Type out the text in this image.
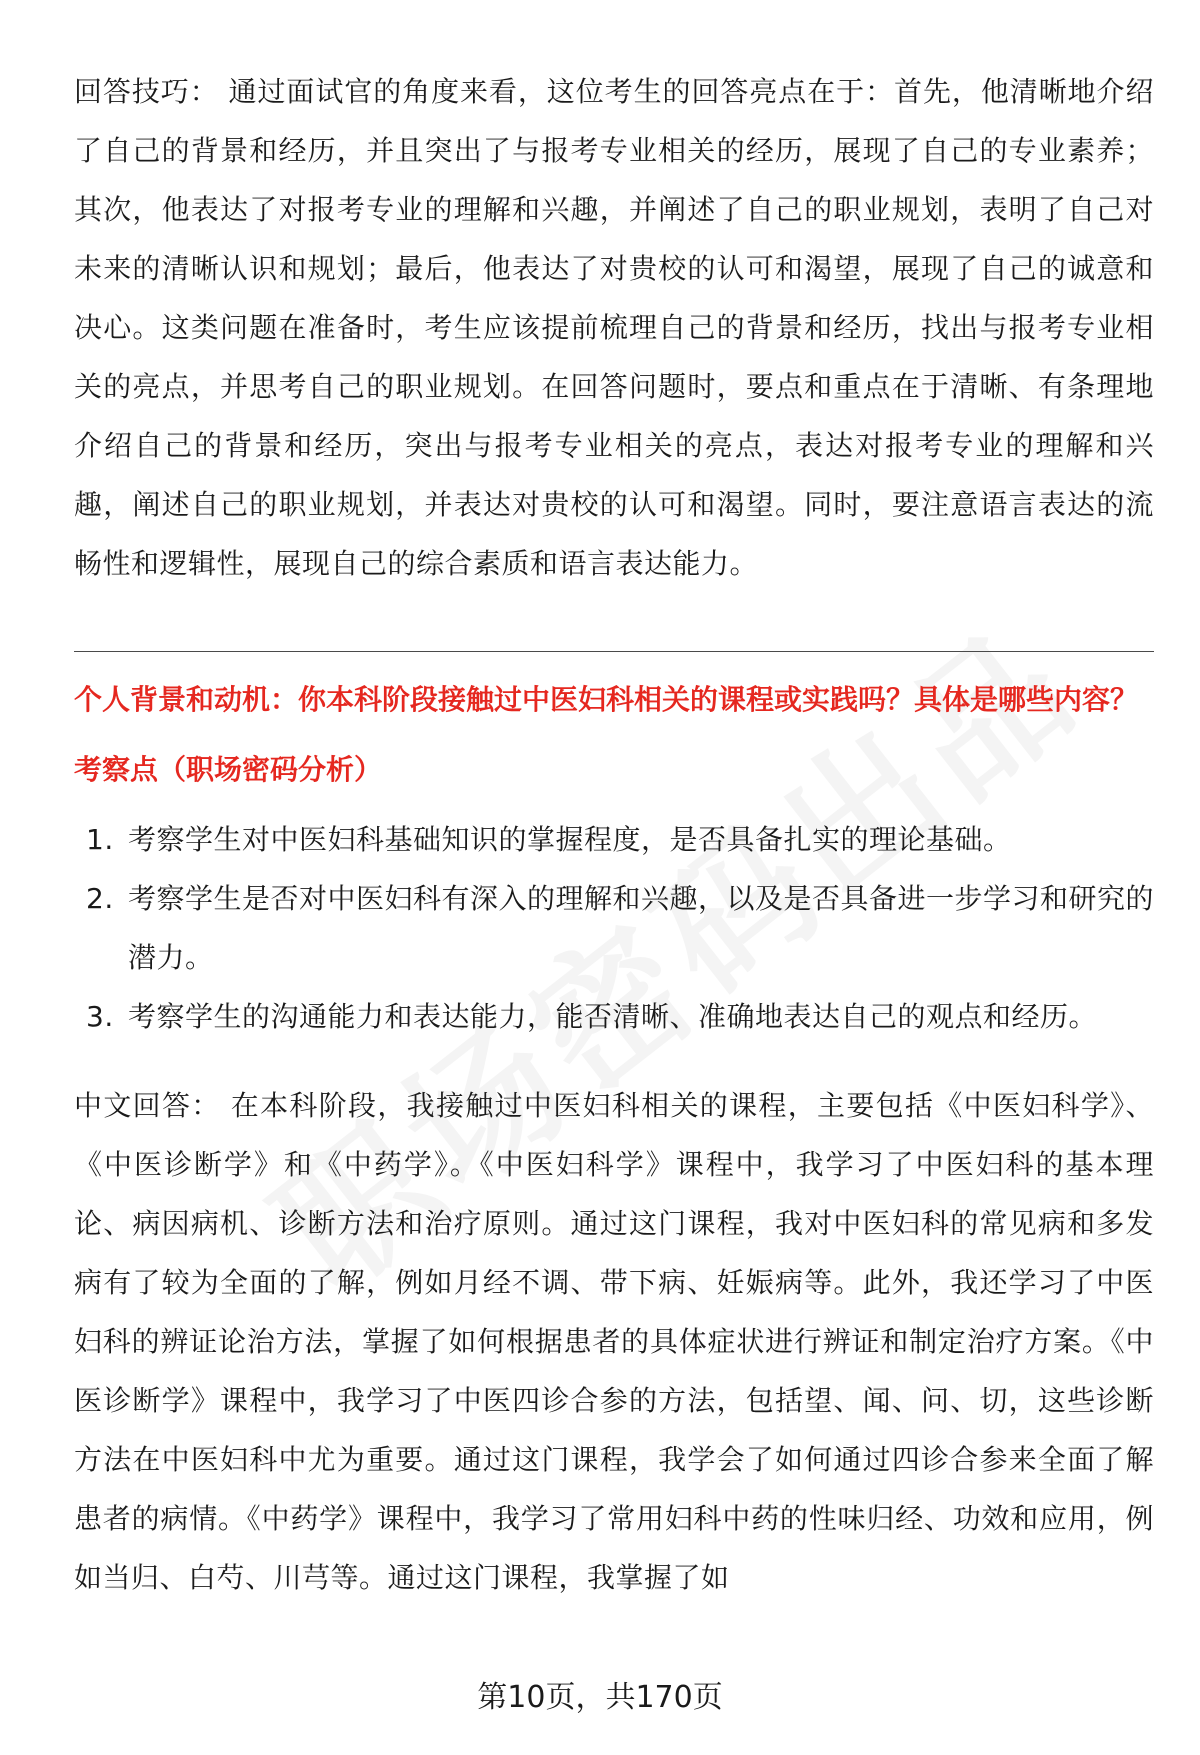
回答技巧： 通过面试官的角度来看，这位考生的回答亮点在于：首先，他清晰地介绍了自己的背景和经历，并且突出了与报考专业相关的经历，展现了自己的专业素养；其次，他表达了对报考专业的理解和兴趣，并阐述了自己的职业规划，表明了自己对未来的清晰认识和规划；最后，他表达了对贵校的认可和渴望，展现了自己的诚意和决心。这类问题在准备时，考生应该提前梳理自己的背景和经历，找出与报考专业相关的亮点，并思考自己的职业规划。在回答问题时，要点和重点在于清晰、有条理地介绍自己的背景和经历，突出与报考专业相关的亮点，表达对报考专业的理解和兴趣，阐述自己的职业规划，并表达对贵校的认可和渴望。同时，要注意语言表达的流畅性和逻辑性，展现自己的综合素质和语言表达能力。

个人背景和动机：你本科阶段接触过中医妇科相关的课程或实践吗？具体是哪些内容？

考察点（职场密码分析）

1. 考察学生对中医妇科基础知识的掌握程度，是否具备扎实的理论基础。
2. 考察学生是否对中医妇科有深入的理解和兴趣，以及是否具备进一步学习和研究的潜力。
3. 考察学生的沟通能力和表达能力，能否清晰、准确地表达自己的观点和经历。

中文回答： 在本科阶段，我接触过中医妇科相关的课程，主要包括《中医妇科学》、《中医诊断学》和《中药学》。《中医妇科学》课程中，我学习了中医妇科的基本理论、病因病机、诊断方法和治疗原则。通过这门课程，我对中医妇科的常见病和多发病有了较为全面的了解，例如月经不调、带下病、妊娠病等。此外，我还学习了中医妇科的辨证论治方法，掌握了如何根据患者的具体症状进行辨证和制定治疗方案。《中医诊断学》课程中，我学习了中医四诊合参的方法，包括望、闻、问、切，这些诊断方法在中医妇科中尤为重要。通过这门课程，我学会了如何通过四诊合参来全面了解患者的病情。《中药学》课程中，我学习了常用妇科中药的性味归经、功效和应用，例如当归、白芍、川芎等。通过这门课程，我掌握了如

第10页，共170页
